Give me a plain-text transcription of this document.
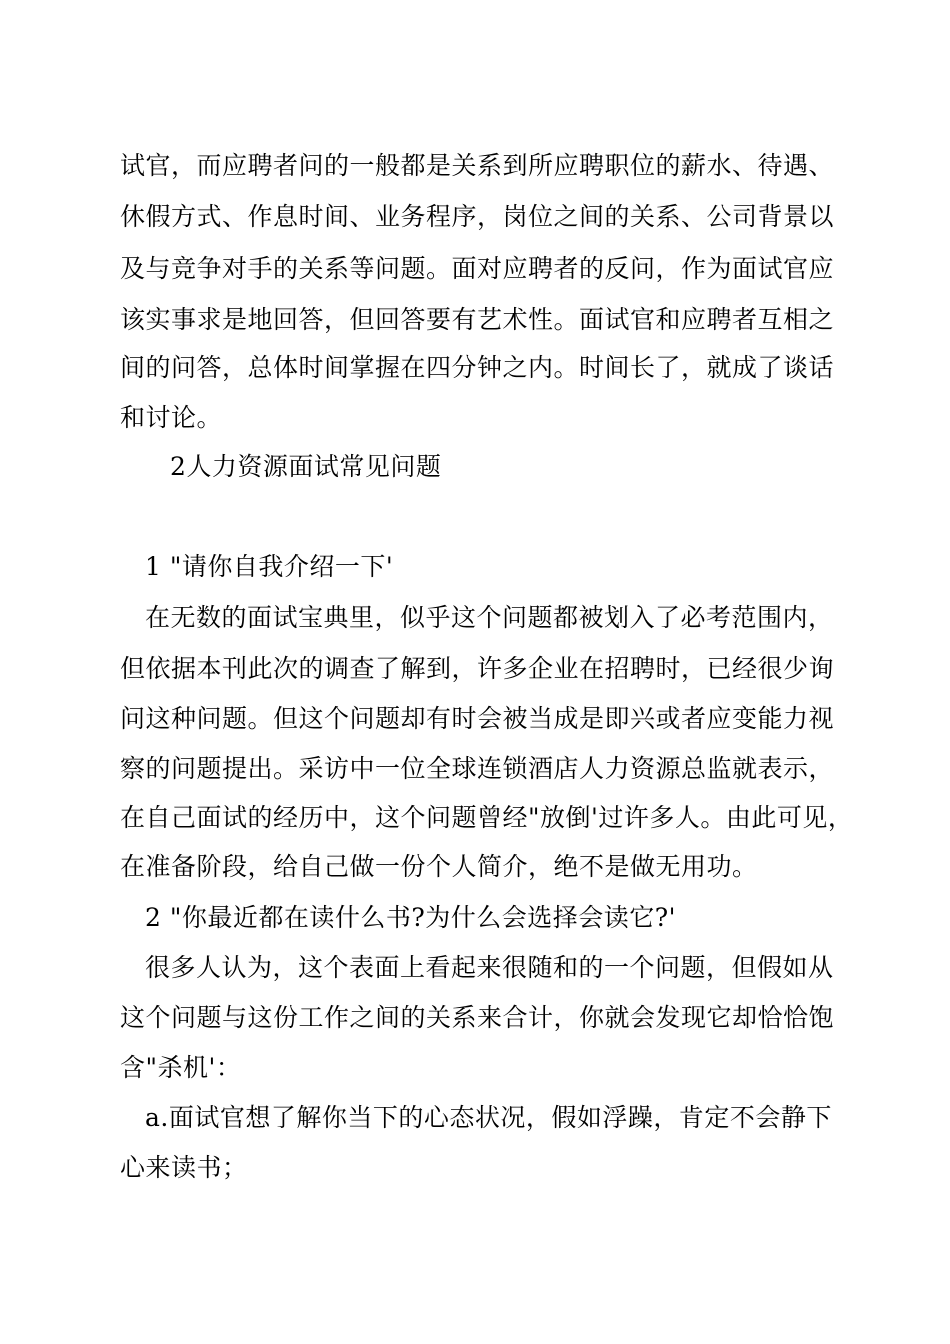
试官，而应聘者问的一般都是关系到所应聘职位的薪水、待遇、
休假方式、作息时间、业务程序，岗位之间的关系、公司背景以
及与竞争对手的关系等问题。面对应聘者的反问，作为面试官应
该实事求是地回答，但回答要有艺术性。面试官和应聘者互相之
间的问答，总体时间掌握在四分钟之内。时间长了，就成了谈话
和讨论。
2人力资源面试常见问题
1 "请你自我介绍一下'
在无数的面试宝典里，似乎这个问题都被划入了必考范围内，
但依据本刊此次的调查了解到，许多企业在招聘时，已经很少询
问这种问题。但这个问题却有时会被当成是即兴或者应变能力视
察的问题提出。采访中一位全球连锁酒店人力资源总监就表示，
在自己面试的经历中，这个问题曾经"放倒'过许多人。由此可见，
在准备阶段，给自己做一份个人简介，绝不是做无用功。
2 "你最近都在读什么书?为什么会选择会读它?'
很多人认为，这个表面上看起来很随和的一个问题，但假如从
这个问题与这份工作之间的关系来合计，你就会发现它却恰恰饱
含"杀机'：
a.面试官想了解你当下的心态状况，假如浮躁，肯定不会静下
心来读书；
